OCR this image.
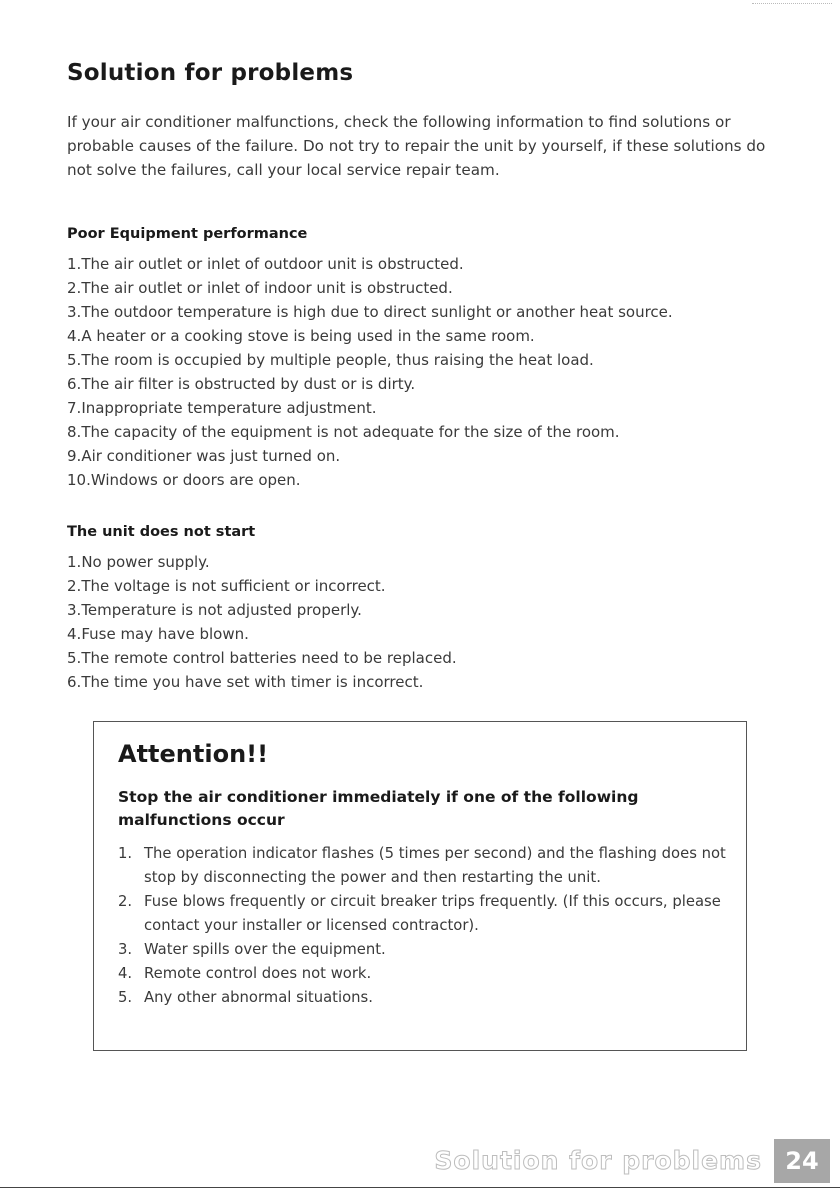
Solution for problems

If your air conditioner malfunctions, check the following information to find solutions or probable causes of the failure. Do not try to repair the unit by yourself, if these solutions do not solve the failures, call your local service repair team.

Poor Equipment performance
1. The air outlet or inlet of outdoor unit is obstructed.
2. The air outlet or inlet of indoor unit is obstructed.
3. The outdoor temperature is high due to direct sunlight or another heat source.
4. A heater or a cooking stove is being used in the same room.
5. The room is occupied by multiple people, thus raising the heat load.
6. The air filter is obstructed by dust or is dirty.
7. Inappropriate temperature adjustment.
8. The capacity of the equipment is not adequate for the size of the room.
9. Air conditioner was just turned on.
10. Windows or doors are open.
The unit does not start
1. No power supply.
2. The voltage is not sufficient or incorrect.
3. Temperature is not adjusted properly.
4. Fuse may have blown.
5. The remote control batteries need to be replaced.
6. The time you have set with timer is incorrect.
Attention!!

Stop the air conditioner immediately if one of the following malfunctions occur

1. The operation indicator flashes (5 times per second) and the flashing does not stop by disconnecting the power and then restarting the unit.
2. Fuse blows frequently or circuit breaker trips frequently. (If this occurs, please contact your installer or licensed contractor).
3. Water spills over the equipment.
4. Remote control does not work.
5. Any other abnormal situations.
Solution for problems 24
